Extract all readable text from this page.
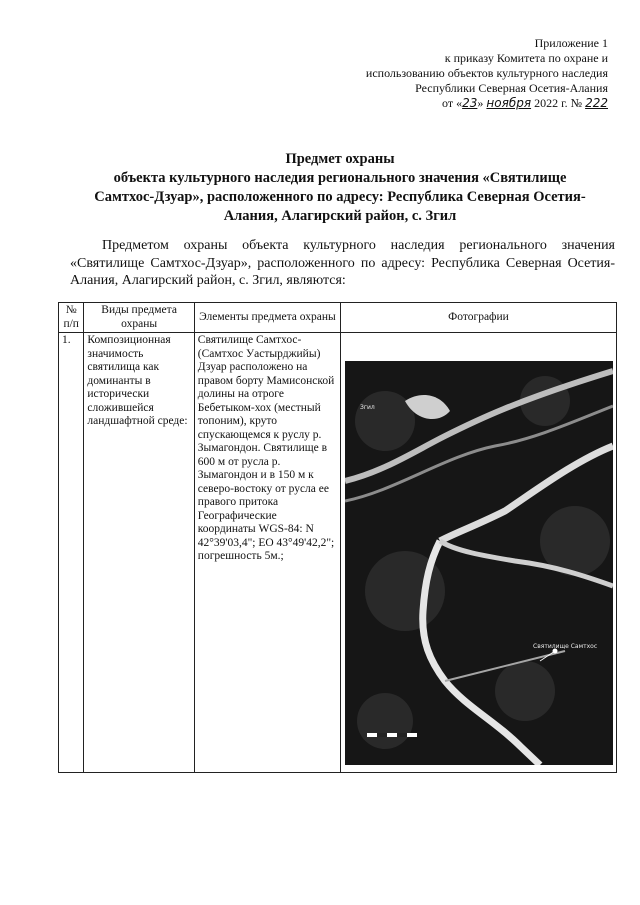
Приложение 1
к приказу Комитета по охране и
использованию объектов культурного наследия
Республики Северная Осетия-Алания
от «23» ноября 2022 г. № 222
Предмет охраны
объекта культурного наследия регионального значения «Святилище
Самтхос-Дзуар», расположенного по адресу: Республика Северная Осетия-
Алания, Алагирский район, с. Згил

Предметом охраны объекта культурного наследия регионального значения «Святилище Самтхос-Дзуар», расположенного по адресу: Республика Северная Осетия-Алания, Алагирский район, с. Згил, являются:

№ п/п	Виды предмета охраны	Элементы предмета охраны	Фотографии
1.	Композиционная значимость святилища как доминанты в исторически сложившейся ландшафтной среде:	Святилище Самтхос-(Самтхос Уастырджийы) Дзуар расположено на правом борту Мамисонской долины на отроге Бебетыком-хох (местный топоним), круто спускающемся к руслу р. Зымагондон. Святилище в 600 м от русла р. Зымагондон и в 150 м к северо-востоку от русла ее правого притока Географические координаты WGS-84: N 42°39'03,4"; ЕО 43°49'42,2"; погрешность 5м.;	Згил
Святилище Самтхос
